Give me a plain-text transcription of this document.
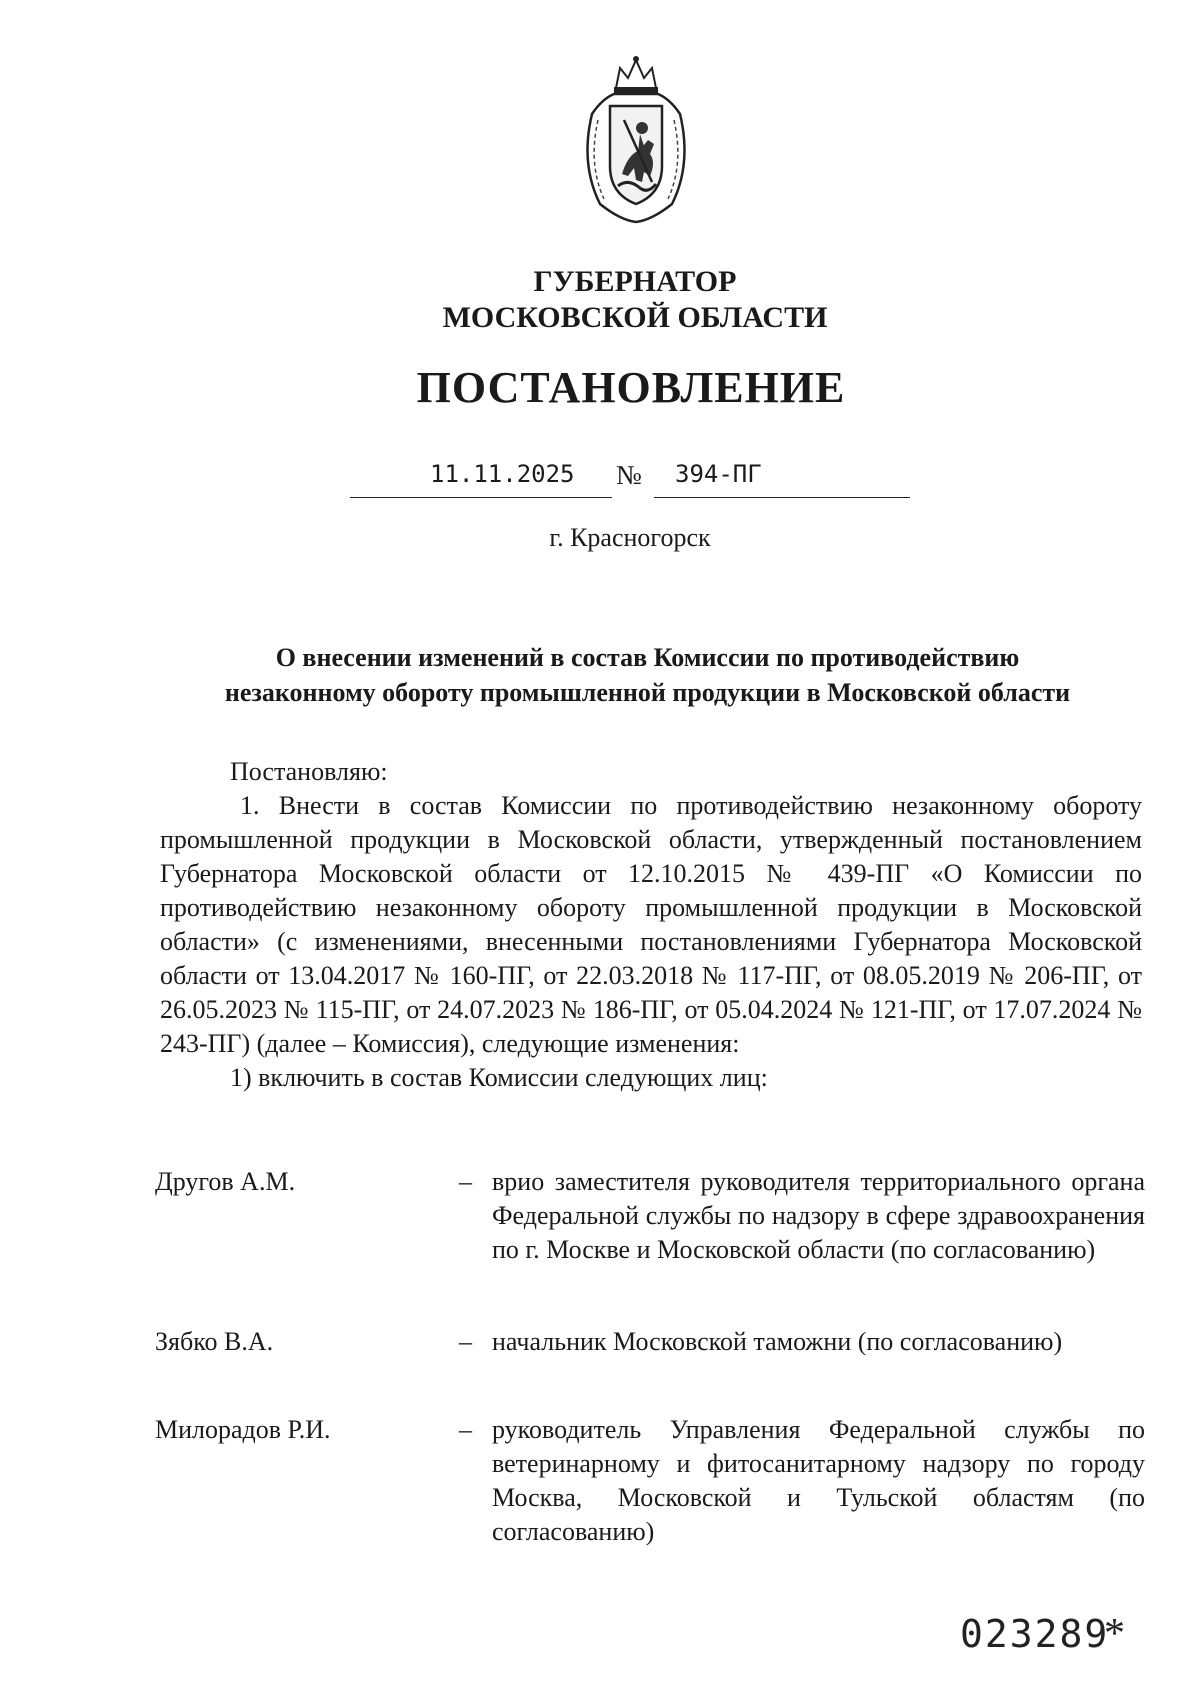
ГУБЕРНАТОР
МОСКОВСКОЙ ОБЛАСТИ
ПОСТАНОВЛЕНИЕ
11.11.2025 № 394-ПГ
г. Красногорск
О внесении изменений в состав Комиссии по противодействию
незаконному обороту промышленной продукции в Московской области

Постановляю:

1. Внести в состав Комиссии по противодействию незаконному обороту промышленной продукции в Московской области, утвержденный постановлением Губернатора Московской области от 12.10.2015 № 439-ПГ «О Комиссии по противодействию незаконному обороту промышленной продукции в Московской области» (с изменениями, внесенными постановлениями Губернатора Московской области от 13.04.2017 № 160-ПГ, от 22.03.2018 № 117-ПГ, от 08.05.2019 № 206-ПГ, от 26.05.2023 № 115-ПГ, от 24.07.2023 № 186-ПГ, от 05.04.2024 № 121-ПГ, от 17.07.2024 № 243-ПГ) (далее – Комиссия), следующие изменения:

1) включить в состав Комиссии следующих лиц:

Другов А.М.	– врио заместителя руководителя территориального органа Федеральной службы по надзору в сфере здравоохранения по г. Москве и Московской области (по согласованию)
Зябко В.А.	– начальник Московской таможни (по согласованию)
Милорадов Р.И.	– руководитель Управления Федеральной службы по ветеринарному и фитосанитарному надзору по городу Москва, Московской и Тульской областям (по согласованию)
023289
*
